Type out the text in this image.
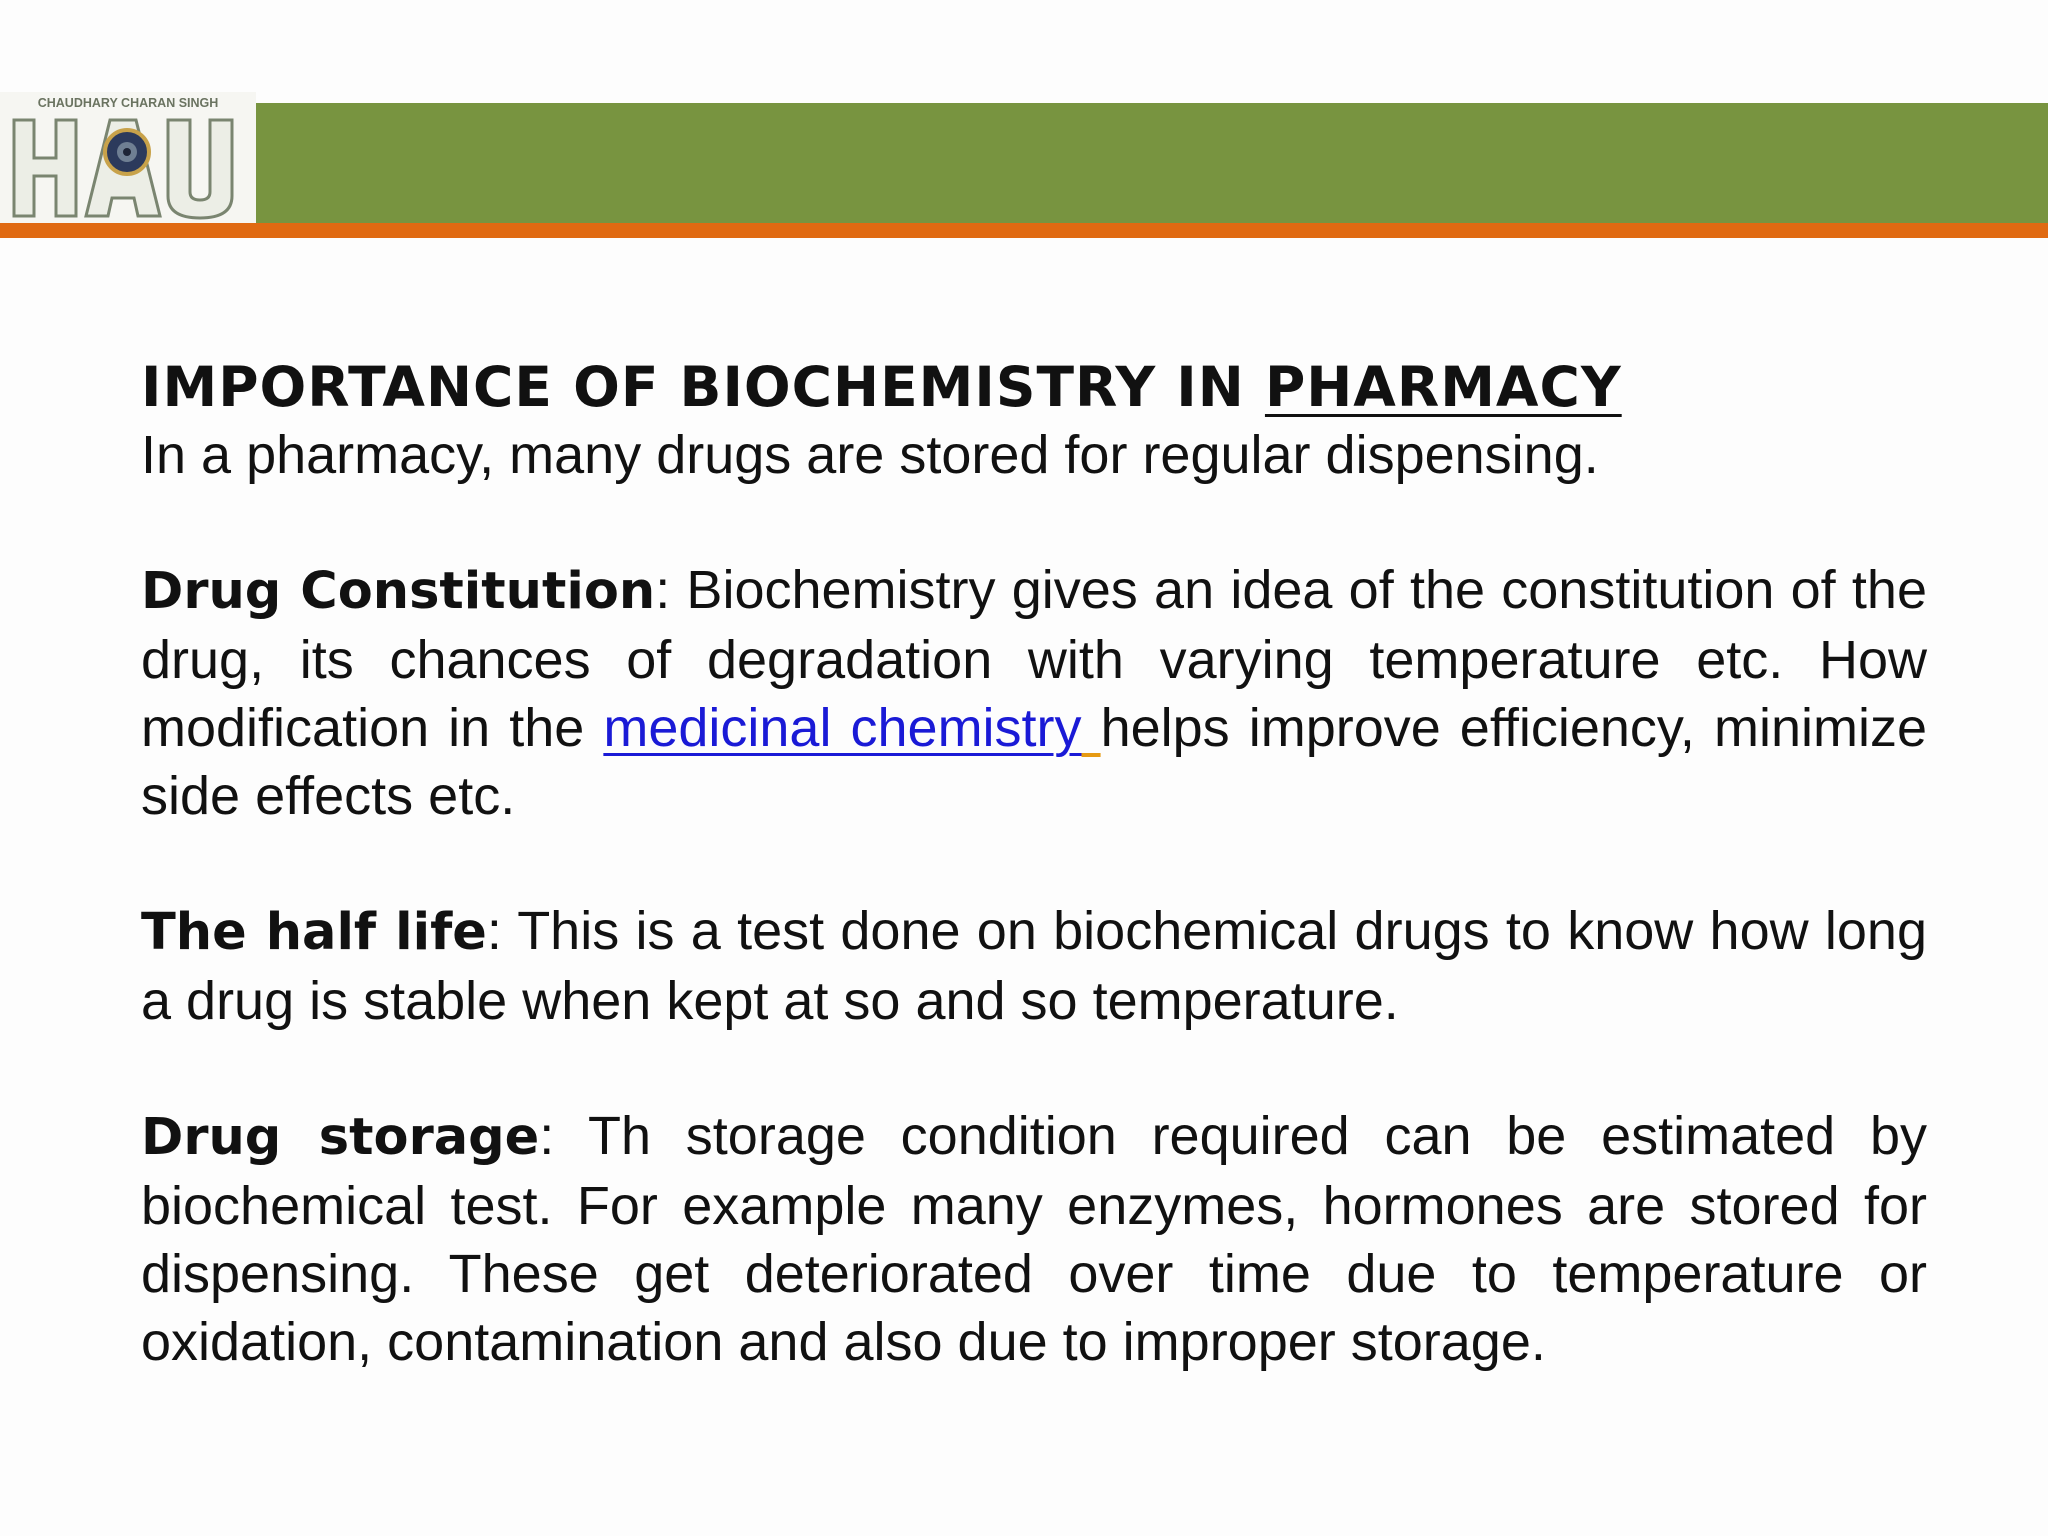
CHAUDHARY CHARAN SINGH
IMPORTANCE OF BIOCHEMISTRY IN PHARMACY
In a pharmacy, many drugs are stored for regular dispensing.

Drug Constitution: Biochemistry gives an idea of the constitution of the drug, its chances of degradation with varying temperature etc. How modification in the medicinal chemistry helps improve efficiency, minimize side effects etc.

The half life: This is a test done on biochemical drugs to know how long a drug is stable when kept at so and so temperature.

Drug storage: Th storage condition required can be estimated by biochemical test. For example many enzymes, hormones are stored for dispensing. These get deteriorated over time due to temperature or oxidation, contamination and also due to improper storage.
